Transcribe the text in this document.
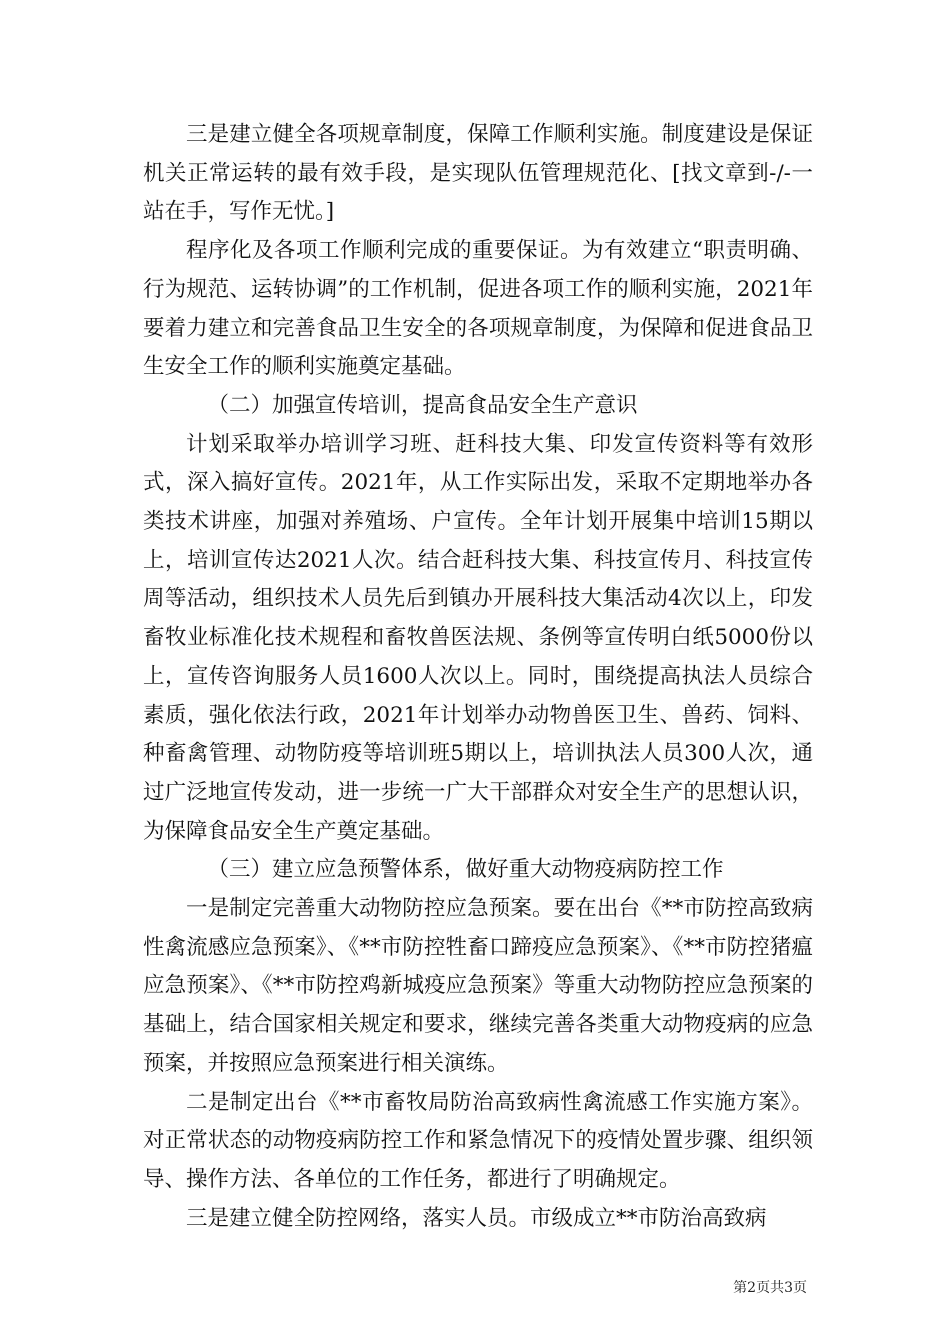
三是建立健全各项规章制度，保障工作顺利实施。制度建设是保证机关正常运转的最有效手段，是实现队伍管理规范化、[找文章到-/-一站在手，写作无忧。]

程序化及各项工作顺利完成的重要保证。为有效建立“职责明确、行为规范、运转协调”的工作机制，促进各项工作的顺利实施，2021年要着力建立和完善食品卫生安全的各项规章制度，为保障和促进食品卫生安全工作的顺利实施奠定基础。

（二）加强宣传培训，提高食品安全生产意识

计划采取举办培训学习班、赶科技大集、印发宣传资料等有效形式，深入搞好宣传。2021年，从工作实际出发，采取不定期地举办各类技术讲座，加强对养殖场、户宣传。全年计划开展集中培训15期以上，培训宣传达2021人次。结合赶科技大集、科技宣传月、科技宣传周等活动，组织技术人员先后到镇办开展科技大集活动4次以上，印发畜牧业标准化技术规程和畜牧兽医法规、条例等宣传明白纸5000份以上，宣传咨询服务人员1600人次以上。同时，围绕提高执法人员综合素质，强化依法行政，2021年计划举办动物兽医卫生、兽药、饲料、种畜禽管理、动物防疫等培训班5期以上，培训执法人员300人次，通过广泛地宣传发动，进一步统一广大干部群众对安全生产的思想认识，为保障食品安全生产奠定基础。

（三）建立应急预警体系，做好重大动物疫病防控工作

一是制定完善重大动物防控应急预案。要在出台《**市防控高致病性禽流感应急预案》、《**市防控牲畜口蹄疫应急预案》、《**市防控猪瘟应急预案》、《**市防控鸡新城疫应急预案》等重大动物防控应急预案的基础上，结合国家相关规定和要求，继续完善各类重大动物疫病的应急预案，并按照应急预案进行相关演练。

二是制定出台《**市畜牧局防治高致病性禽流感工作实施方案》。对正常状态的动物疫病防控工作和紧急情况下的疫情处置步骤、组织领导、操作方法、各单位的工作任务，都进行了明确规定。

三是建立健全防控网络，落实人员。市级成立**市防治高致病

第2页共3页
